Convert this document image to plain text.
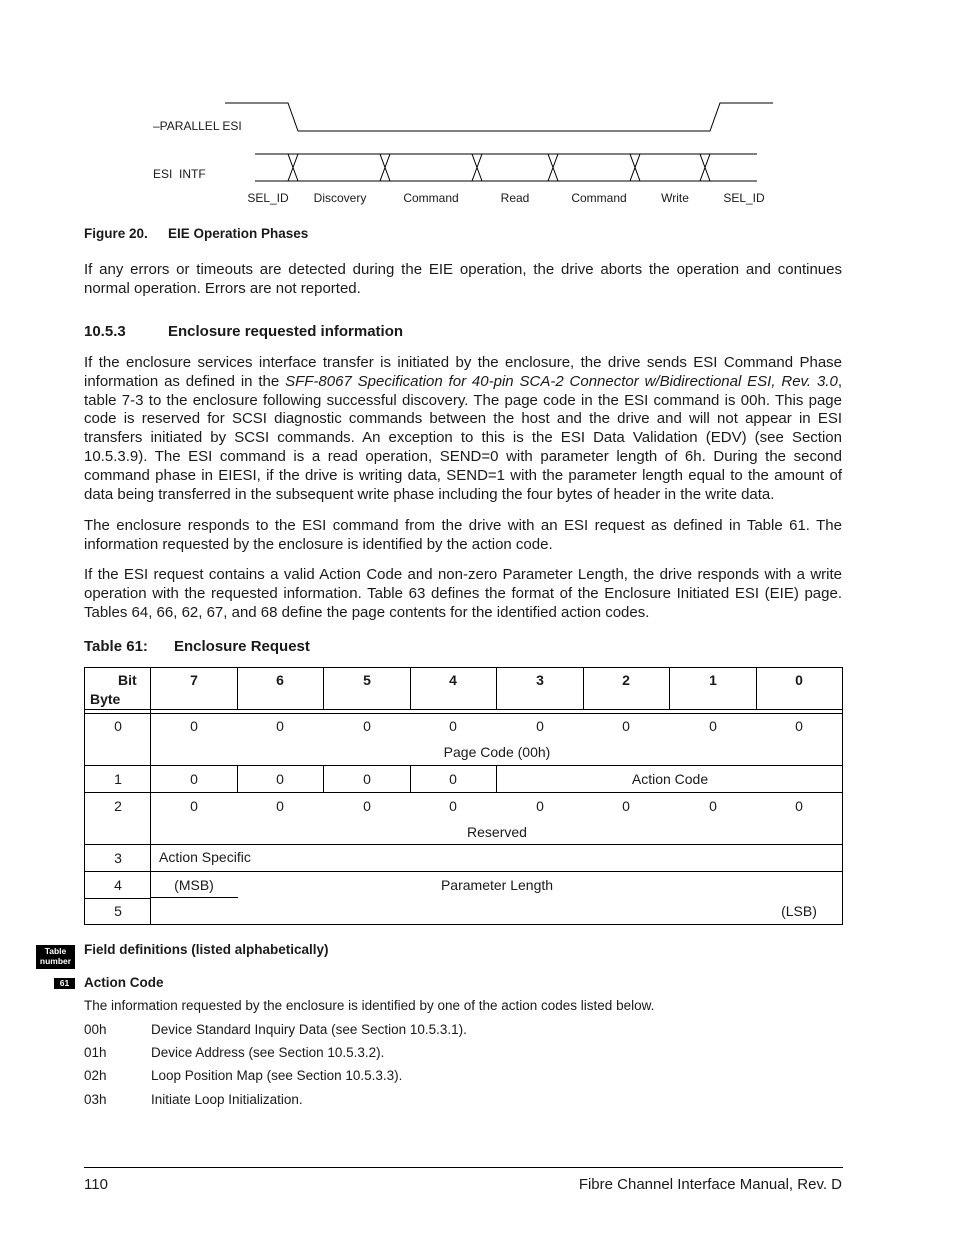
–PARALLEL ESI
ESI  INTF
SEL_ID Discovery	Command	Read	Command	Write	SEL_ID
Figure 20. EIE Operation Phases

If any errors or timeouts are detected during the EIE operation, the drive aborts the operation and continues normal operation. Errors are not reported.

10.5.3	Enclosure requested information

If the enclosure services interface transfer is initiated by the enclosure, the drive sends ESI Command Phase information as defined in the SFF-8067 Specification for 40-pin SCA-2 Connector w/Bidirectional ESI, Rev. 3.0, table 7-3 to the enclosure following successful discovery. The page code in the ESI command is 00h. This page code is reserved for SCSI diagnostic commands between the host and the drive and will not appear in ESI transfers initiated by SCSI commands. An exception to this is the ESI Data Validation (EDV) (see Section 10.5.3.9). The ESI command is a read operation, SEND=0 with parameter length of 6h. During the second command phase in EIESI, if the drive is writing data, SEND=1 with the parameter length equal to the amount of data being transferred in the subsequent write phase including the four bytes of header in the write data.

The enclosure responds to the ESI command from the drive with an ESI request as defined in Table 61. The information requested by the enclosure is identified by the action code.

If the ESI request contains a valid Action Code and non-zero Parameter Length, the drive responds with a write operation with the requested information. Table 63 defines the format of the Enclosure Initiated ESI (EIE) page. Tables 64, 66, 62, 67, and 68 define the page contents for the identified action codes.

Table 61: Enclosure Request
Bit
Byte
7	6	5	4	3	2	1	0
0	0	0	0	0	0	0	0	0
Page Code (00h)
1	0	0	0	0	Action Code
2	0	0	0	0	0	0	0	0
Reserved
3	Action Specific
4	(MSB)	Parameter Length
5	(LSB)
Table
number
Field definitions (listed alphabetically)
61	Action Code
The information requested by the enclosure is identified by one of the action codes listed below.
00h	Device Standard Inquiry Data (see Section 10.5.3.1).
01h	Device Address (see Section 10.5.3.2).
02h	Loop Position Map (see Section 10.5.3.3).
03h	Initiate Loop Initialization.
110	Fibre Channel Interface Manual, Rev. D
